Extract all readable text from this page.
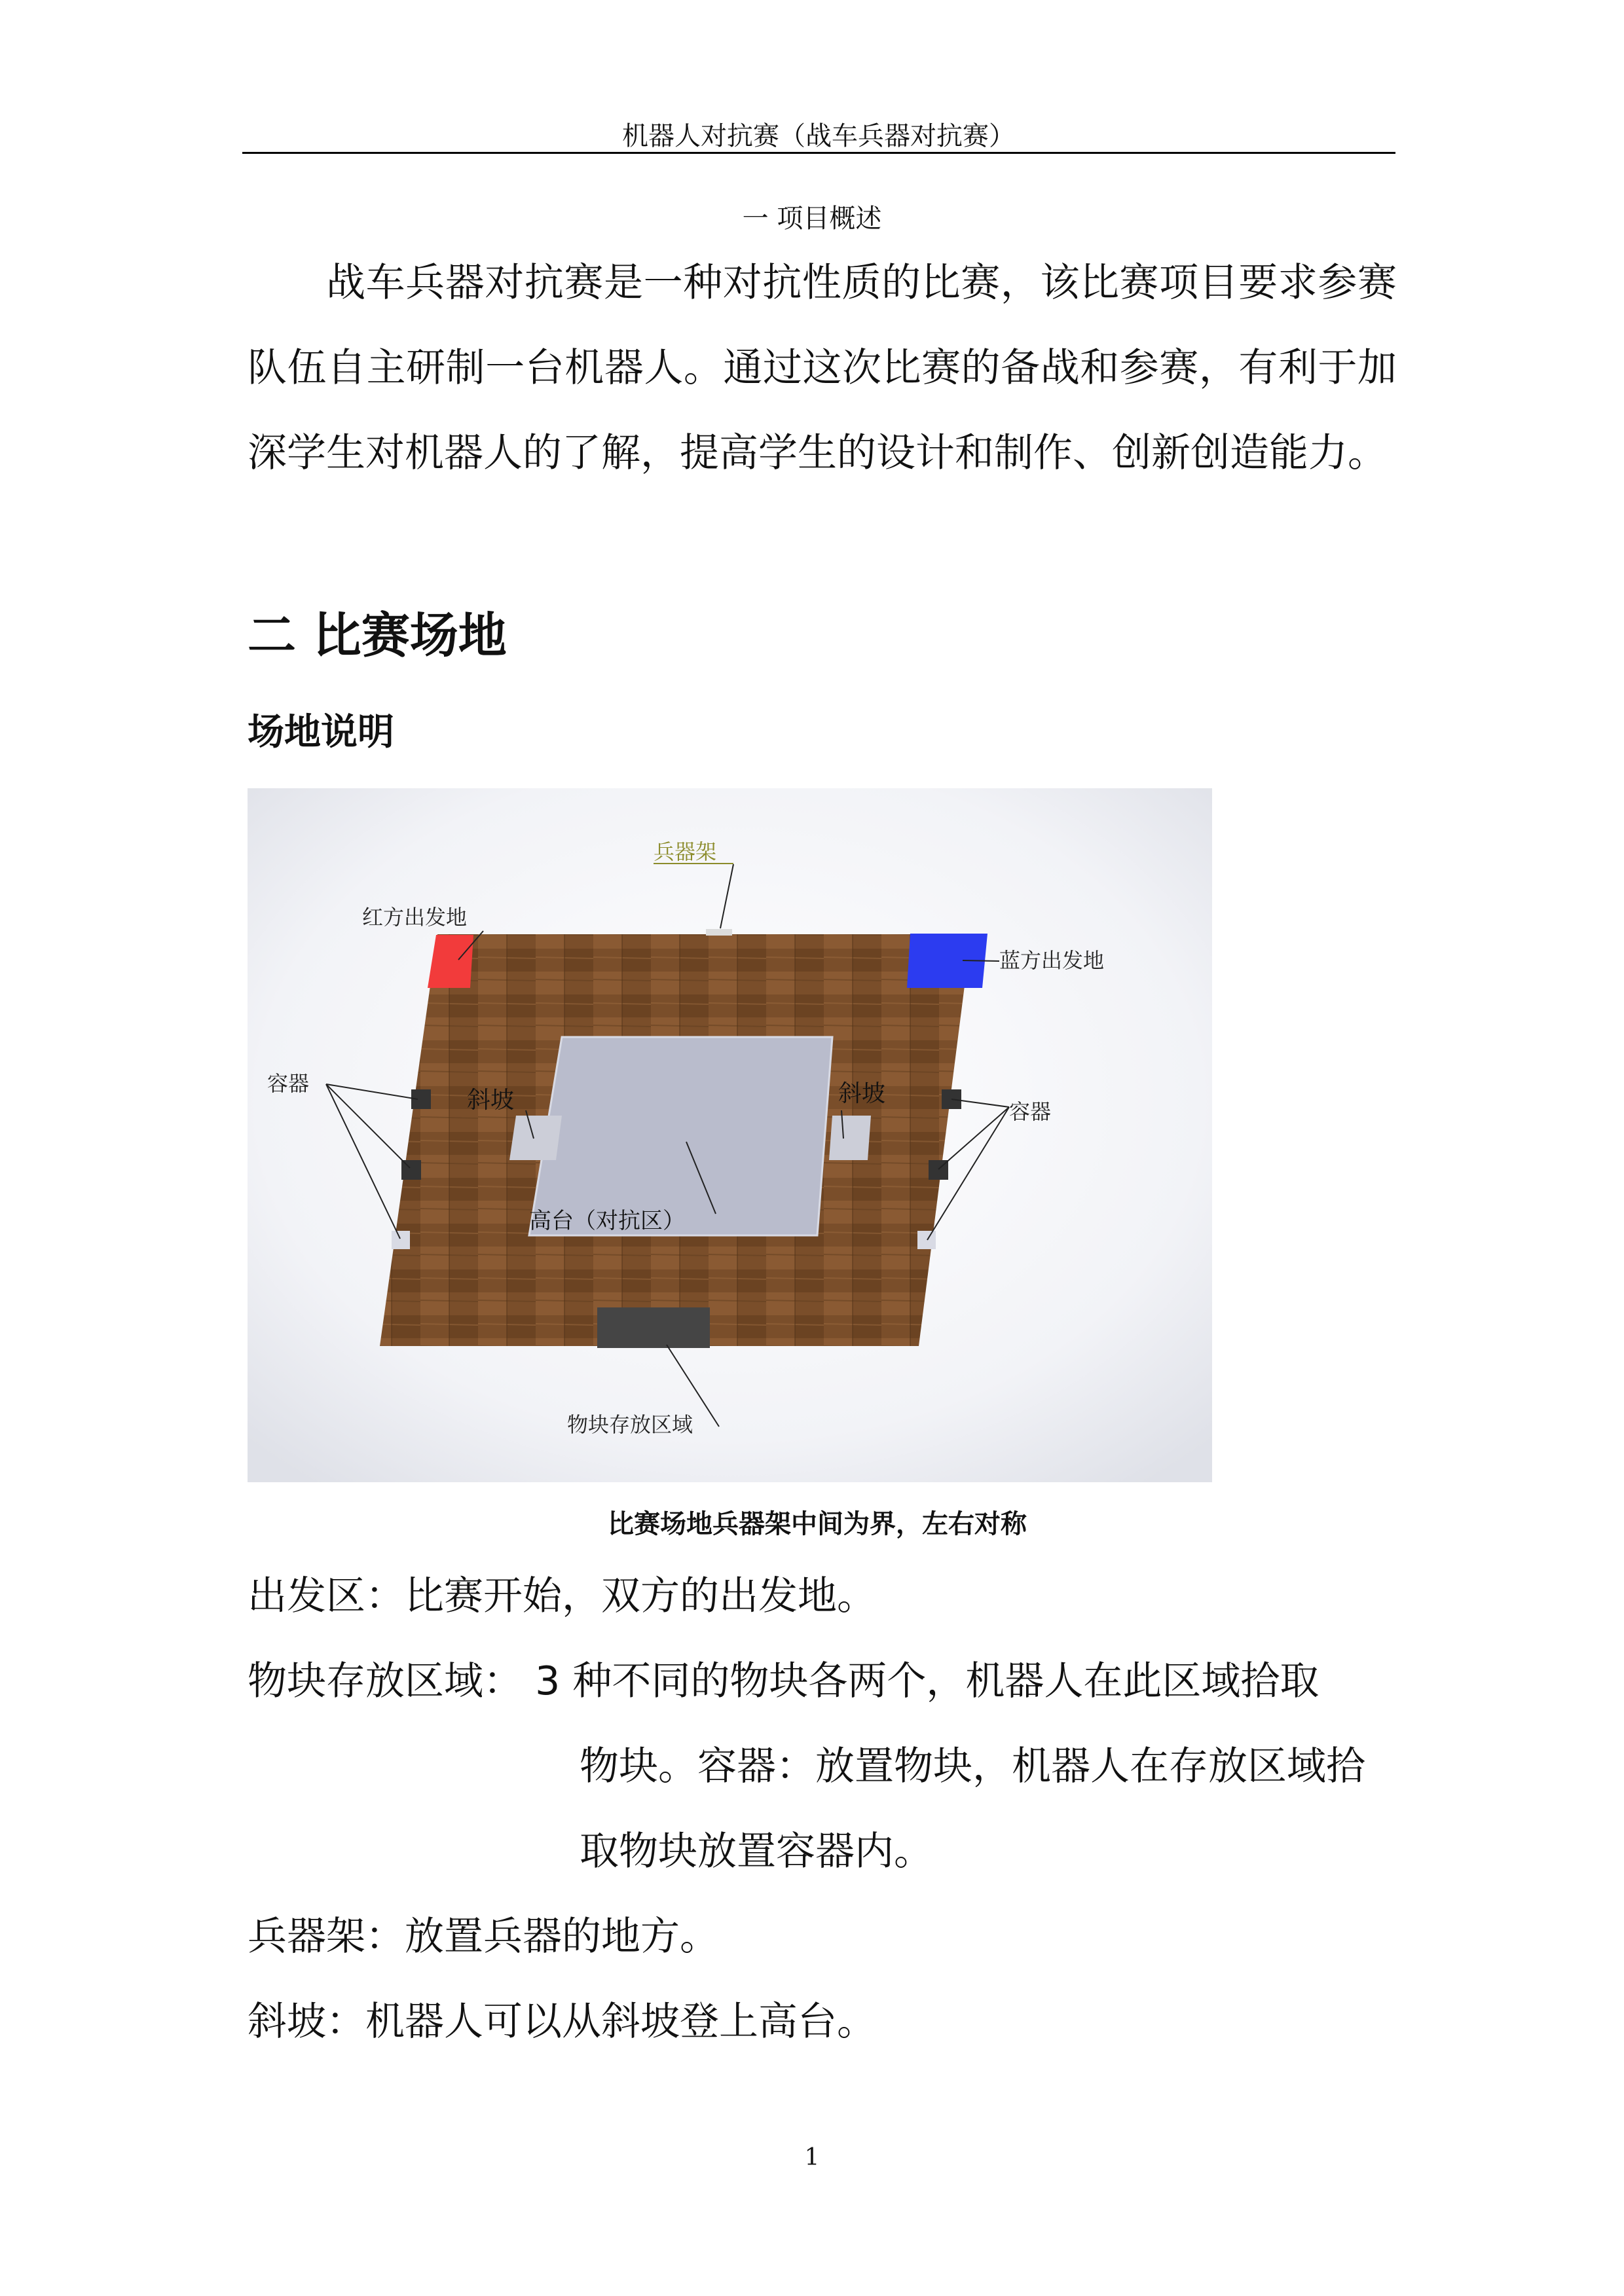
机器人对抗赛（战车兵器对抗赛）
一 项目概述

战车兵器对抗赛是一种对抗性质的比赛，该比赛项目要求参赛队伍自主研制一台机器人。通过这次比赛的备战和参赛，有利于加深学生对机器人的了解，提高学生的设计和制作、创新创造能力。

二 比赛场地
场地说明
兵器架
红方出发地
蓝方出发地
容器
容器
斜坡	斜坡
高台（对抗区）
物块存放区域
比赛场地兵器架中间为界，左右对称
出发区：比赛开始，双方的出发地。
物块存放区域： 3 种不同的物块各两个，机器人在此区域拾取
物块。容器：放置物块，机器人在存放区域拾
取物块放置容器内。
兵器架：放置兵器的地方。
斜坡：机器人可以从斜坡登上高台。
1
